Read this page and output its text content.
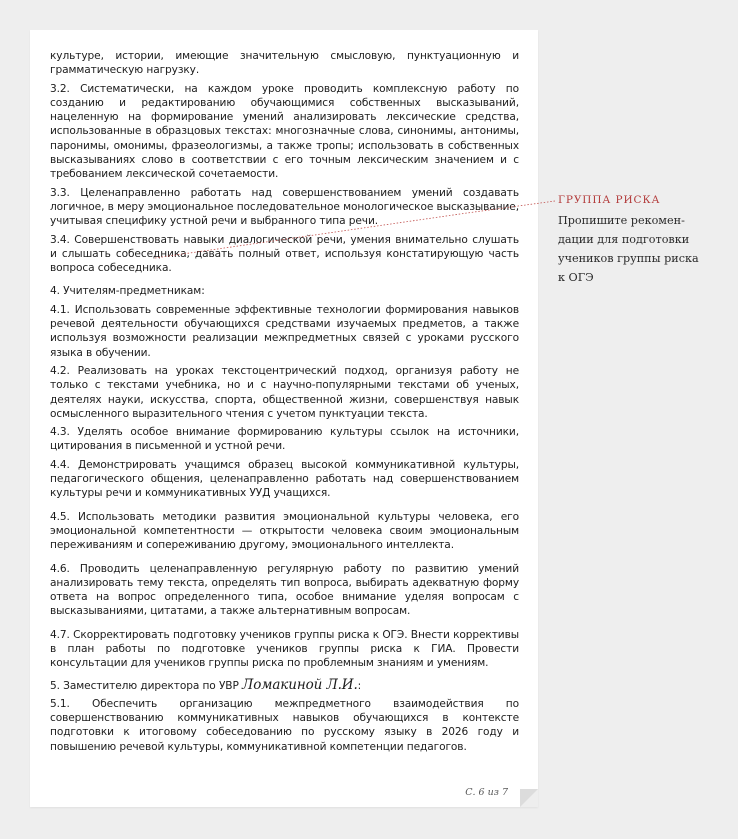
культуре, истории, имеющие значительную смысловую, пунктуационную и грамматическую нагрузку.

3.2. Систематически, на каждом уроке проводить комплексную работу по созданию и редактированию обучающимися собственных высказываний, нацеленную на формирование умений анализировать лексические средства, использованные в образцовых текстах: многозначные слова, синонимы, антонимы, паронимы, омонимы, фразеологизмы, а также тропы; использовать в собственных высказываниях слово в соответствии с его точным лексическим значением и с требованием лексической сочетаемости.

3.3. Целенаправленно работать над совершенствованием умений создавать логичное, в меру эмоциональное последовательное монологическое высказывание, учитывая специфику устной речи и выбранного типа речи.

3.4. Совершенствовать навыки диалогической речи, умения внимательно слушать и слышать собеседника, давать полный ответ, используя констатирующую часть вопроса собеседника.

4. Учителям-предметникам:

4.1. Использовать современные эффективные технологии формирования навыков речевой деятельности обучающихся средствами изучаемых предметов, а также используя возможности реализации межпредметных связей с уроками русского языка в обучении.

4.2. Реализовать на уроках текстоцентрический подход, организуя работу не только с текстами учебника, но и с научно-популярными текстами об ученых, деятелях науки, искусства, спорта, общественной жизни, совершенствуя навык осмысленного выразительного чтения с учетом пунктуации текста.

4.3. Уделять особое внимание формированию культуры ссылок на источники, цитирования в письменной и устной речи.

4.4. Демонстрировать учащимся образец высокой коммуникативной культуры, педагогического общения, целенаправленно работать над совершенствованием культуры речи и коммуникативных УУД учащихся.

4.5. Использовать методики развития эмоциональной культуры человека, его эмоциональной компетентности — открытости человека своим эмоциональным переживаниям и сопереживанию другому, эмоционального интеллекта.

4.6. Проводить целенаправленную регулярную работу по развитию умений анализировать тему текста, определять тип вопроса, выбирать адекватную форму ответа на вопрос определенного типа, особое внимание уделяя вопросам с высказываниями, цитатами, а также альтернативным вопросам.

4.7. Скорректировать подготовку учеников группы риска к ОГЭ. Внести коррективы в план работы по подготовке учеников группы риска к ГИА. Провести консультации для учеников группы риска по проблемным знаниям и умениям.

5. Заместителю директора по УВР Ломакиной Л.И.:

5.1. Обеспечить организацию межпредметного взаимодействия по совершенствованию коммуникативных навыков обучающихся в контексте подготовки к итоговому собеседованию по русскому языку в 2026 году и повышению речевой культуры, коммуникативной компетенции педагогов.

С. 6 из 7
ГРУППА РИСКА
Пропишите рекомен-
дации для подготовки
учеников группы риска
к ОГЭ
